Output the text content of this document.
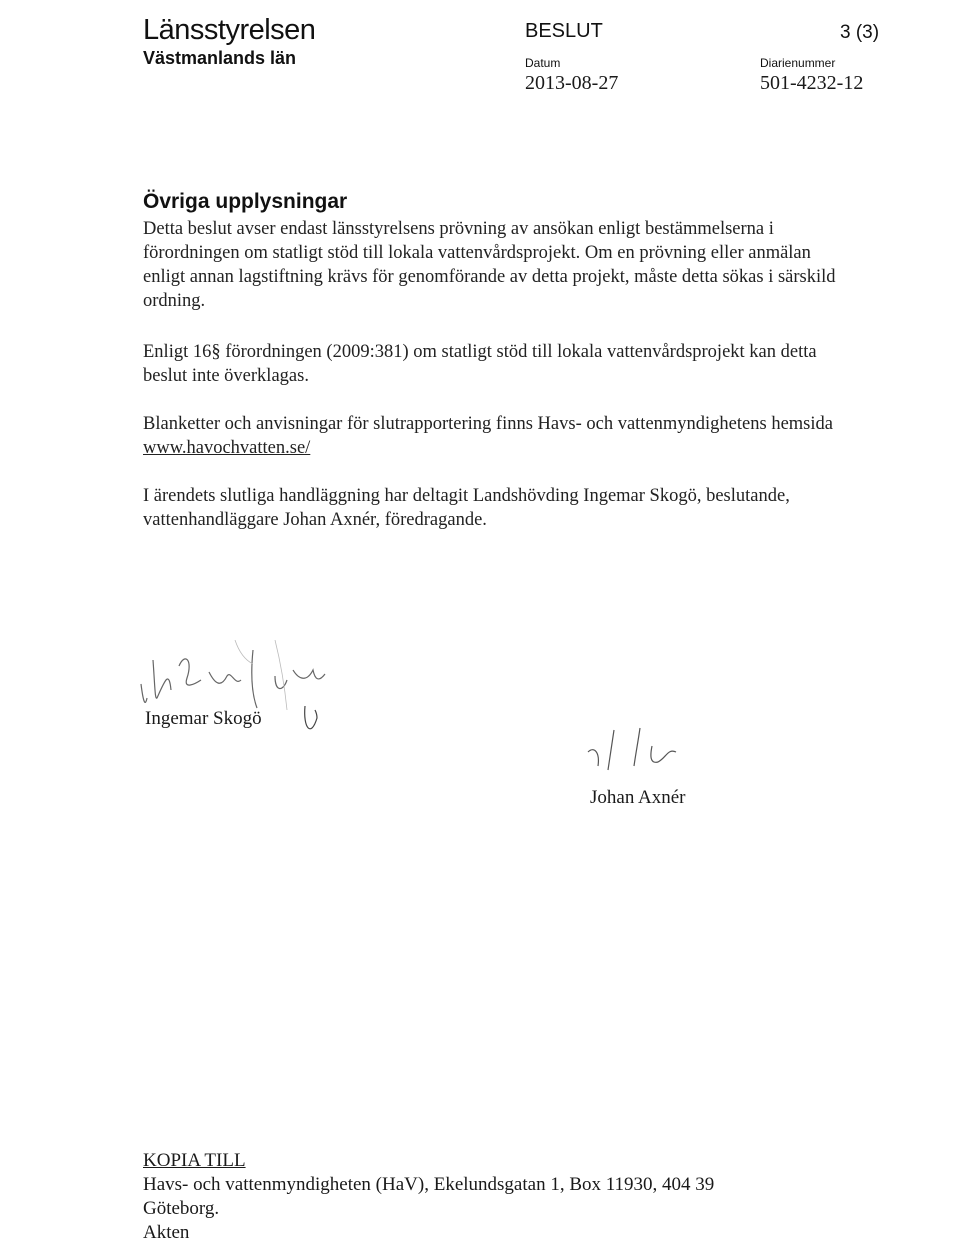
Länsstyrelsen
Västmanlands län
BESLUT	3 (3)
Datum	Diarienummer
2013-08-27	501-4232-12
Övriga upplysningar
Detta beslut avser endast länsstyrelsens prövning av ansökan enligt bestämmelserna i förordningen om statligt stöd till lokala vattenvårdsprojekt. Om en prövning eller anmälan enligt annan lagstiftning krävs för genomförande av detta projekt, måste detta sökas i särskild ordning.
Enligt 16§ förordningen (2009:381) om statligt stöd till lokala vattenvårdsprojekt kan detta beslut inte överklagas.
Blanketter och anvisningar för slutrapportering finns Havs- och vattenmyndighetens hemsida www.havochvatten.se/
I ärendets slutliga handläggning har deltagit Landshövding Ingemar Skogö, beslutande, vattenhandläggare Johan Axnér, föredragande.
Ingemar Skogö
Johan Axnér
KOPIA TILL
Havs- och vattenmyndigheten (HaV), Ekelundsgatan 1, Box 11930, 404 39
Göteborg.
Akten
